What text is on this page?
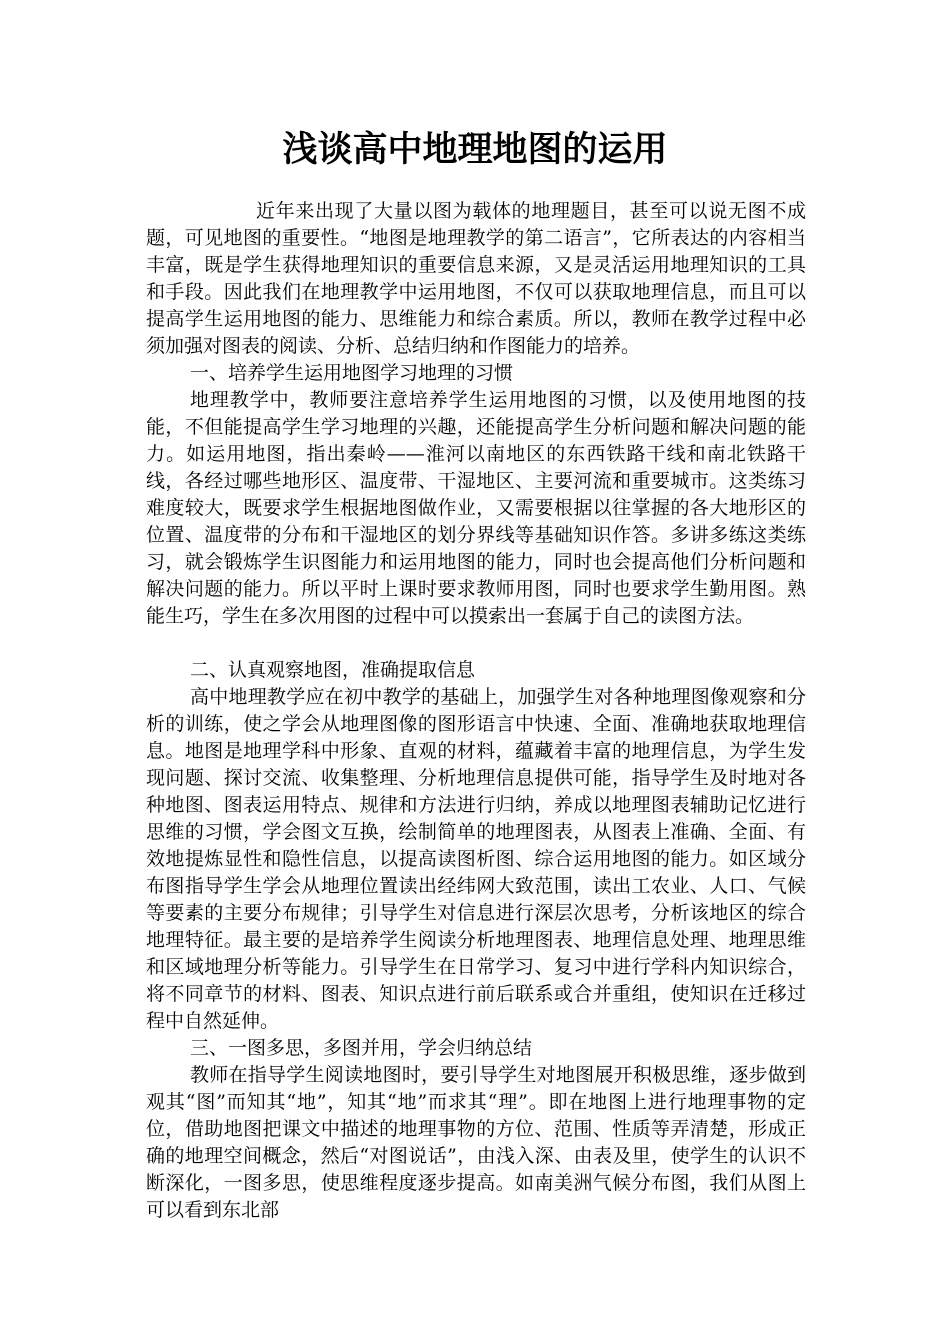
浅谈高中地理地图的运用

近年来出现了大量以图为载体的地理题目，甚至可以说无图不成题，可见地图的重要性。“地图是地理教学的第二语言”，它所表达的内容相当丰富，既是学生获得地理知识的重要信息来源，又是灵活运用地理知识的工具和手段。因此我们在地理教学中运用地图，不仅可以获取地理信息，而且可以提高学生运用地图的能力、思维能力和综合素质。所以，教师在教学过程中必须加强对图表的阅读、分析、总结归纳和作图能力的培养。

一、培养学生运用地图学习地理的习惯

地理教学中，教师要注意培养学生运用地图的习惯，以及使用地图的技能，不但能提高学生学习地理的兴趣，还能提高学生分析问题和解决问题的能力。如运用地图，指出秦岭——淮河以南地区的东西铁路干线和南北铁路干线，各经过哪些地形区、温度带、干湿地区、主要河流和重要城市。这类练习难度较大，既要求学生根据地图做作业，又需要根据以往掌握的各大地形区的位置、温度带的分布和干湿地区的划分界线等基础知识作答。多讲多练这类练习，就会锻炼学生识图能力和运用地图的能力，同时也会提高他们分析问题和解决问题的能力。所以平时上课时要求教师用图，同时也要求学生勤用图。熟能生巧，学生在多次用图的过程中可以摸索出一套属于自己的读图方法。

二、认真观察地图，准确提取信息

高中地理教学应在初中教学的基础上，加强学生对各种地理图像观察和分析的训练，使之学会从地理图像的图形语言中快速、全面、准确地获取地理信息。地图是地理学科中形象、直观的材料，蕴藏着丰富的地理信息，为学生发现问题、探讨交流、收集整理、分析地理信息提供可能，指导学生及时地对各种地图、图表运用特点、规律和方法进行归纳，养成以地理图表辅助记忆进行思维的习惯，学会图文互换，绘制简单的地理图表，从图表上准确、全面、有效地提炼显性和隐性信息，以提高读图析图、综合运用地图的能力。如区域分布图指导学生学会从地理位置读出经纬网大致范围，读出工农业、人口、气候等要素的主要分布规律；引导学生对信息进行深层次思考，分析该地区的综合地理特征。最主要的是培养学生阅读分析地理图表、地理信息处理、地理思维和区域地理分析等能力。引导学生在日常学习、复习中进行学科内知识综合，将不同章节的材料、图表、知识点进行前后联系或合并重组，使知识在迁移过程中自然延伸。

三、一图多思，多图并用，学会归纳总结

教师在指导学生阅读地图时，要引导学生对地图展开积极思维，逐步做到观其“图”而知其“地”，知其“地”而求其“理”。即在地图上进行地理事物的定位，借助地图把课文中描述的地理事物的方位、范围、性质等弄清楚，形成正确的地理空间概念，然后“对图说话”，由浅入深、由表及里，使学生的认识不断深化，一图多思，使思维程度逐步提高。如南美洲气候分布图，我们从图上可以看到东北部
